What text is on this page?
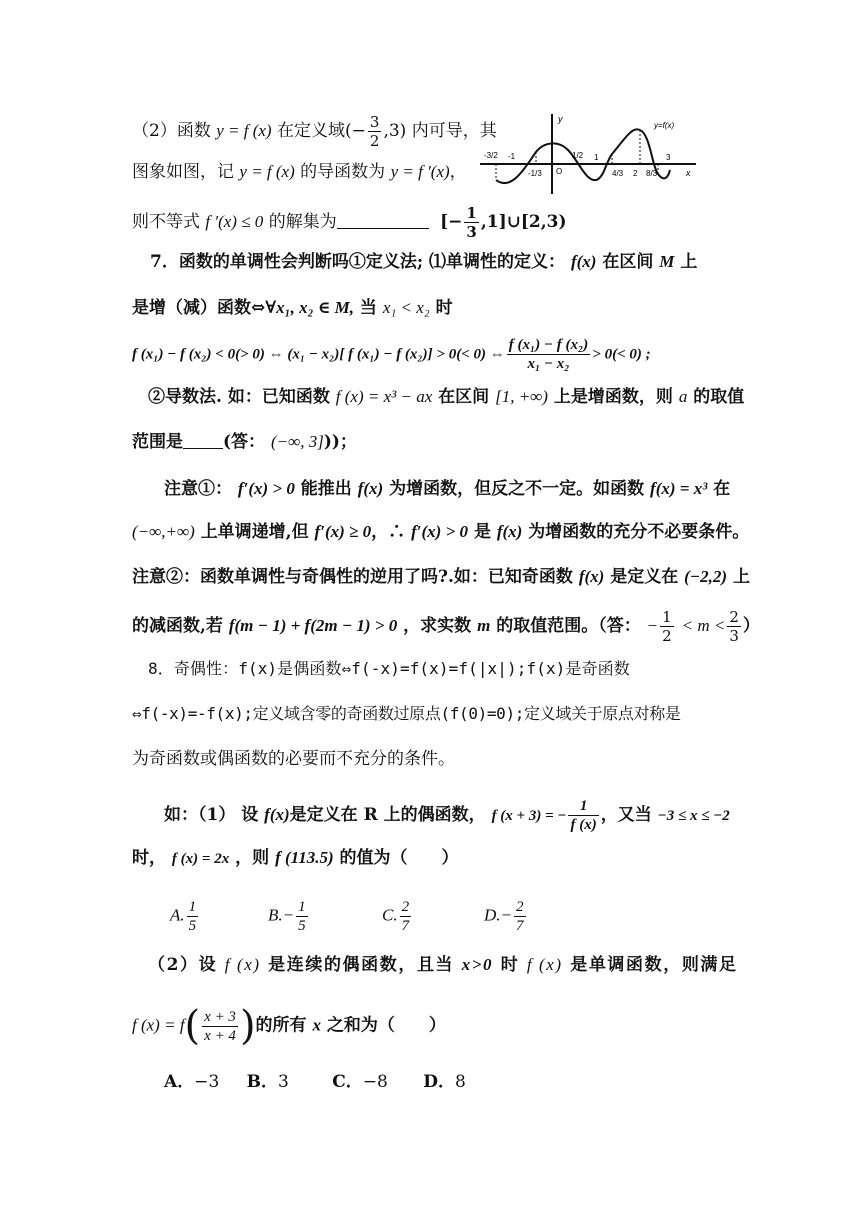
（2）函数 y = f (x) 在定义域(− $\frac{3}{2} ,3$) 内可导，其
图象如图，记 y = f (x) 的导函数为 y = f ′(x)，
则不等式 f ′(x) ≤ 0 的解集为	[− $\frac{1}{3}$ ,1]∪[2,3)
y
x
y=f(x)
-3/2 -1
-1/3 O
1/2 1
4/3 2 8/3
3
7．函数的单调性会判断吗①定义法; ⑴单调性的定义： f(x) 在区间 M 上
是增（减）函数⇔∀x₁, x₂ ∈ M, 当 x₁ < x₂ 时
f (x₁) − f (x₂) < 0(> 0) ⇔ (x₁ − x₂)[ f (x₁) − f (x₂)] > 0(< 0) ⇔ $\frac{\text{f (x₁) − f (x₂)}}{\text{x₁ − x₂}} > 0(< 0)$ ;
②导数法. 如：已知函数 f (x) = x³ − ax 在区间 [1, +∞) 上是增函数，则 a 的取值
范围是 (答： (−∞, 3]))；
注意①： f′(x) > 0 能推出 f(x) 为增函数，但反之不一定。如函数 f(x) = x³ 在
(−∞,+∞) 上单调递增,但 f′(x) ≥ 0，∴ f′(x) > 0 是 f(x) 为增函数的充分不必要条件。
注意②：函数单调性与奇偶性的逆用了吗?.如：已知奇函数 f(x) 是定义在 (−2,2) 上
的减函数,若 f(m − 1) + f(2m − 1) > 0 ，求实数 m 的取值范围。（答： − $\frac{1}{2} < m < \frac{2}{3}$ ）
8．奇偶性：f(x)是偶函数⇔f(-x)=f(x)=f(|x|);f(x)是奇函数
⇔f(-x)=-f(x);定义域含零的奇函数过原点(f(0)=0);定义域关于原点对称是
为奇函数或偶函数的必要而不充分的条件。
如：（1） 设 f(x)是定义在 R 上的偶函数， f (x + 3) = − $\frac{1}{f (x)}$ ，又当 −3 ≤ x ≤ −2
时， f (x) = 2x ，则 f (113.5) 的值为（　　）
A. $\frac{1}{5}$	$B.- \frac{1}{5}$	C. $\frac{2}{7}$	$D.- \frac{2}{7}$
（2）设 f (x) 是连续的偶函数，且当 x>0 时 f (x) 是单调函数，则满足
f $(x) = f( \frac{x + 3}{x + 4}$ )的所有 x 之和为（　　）
A．−3 B．3	C．−8 D．8
